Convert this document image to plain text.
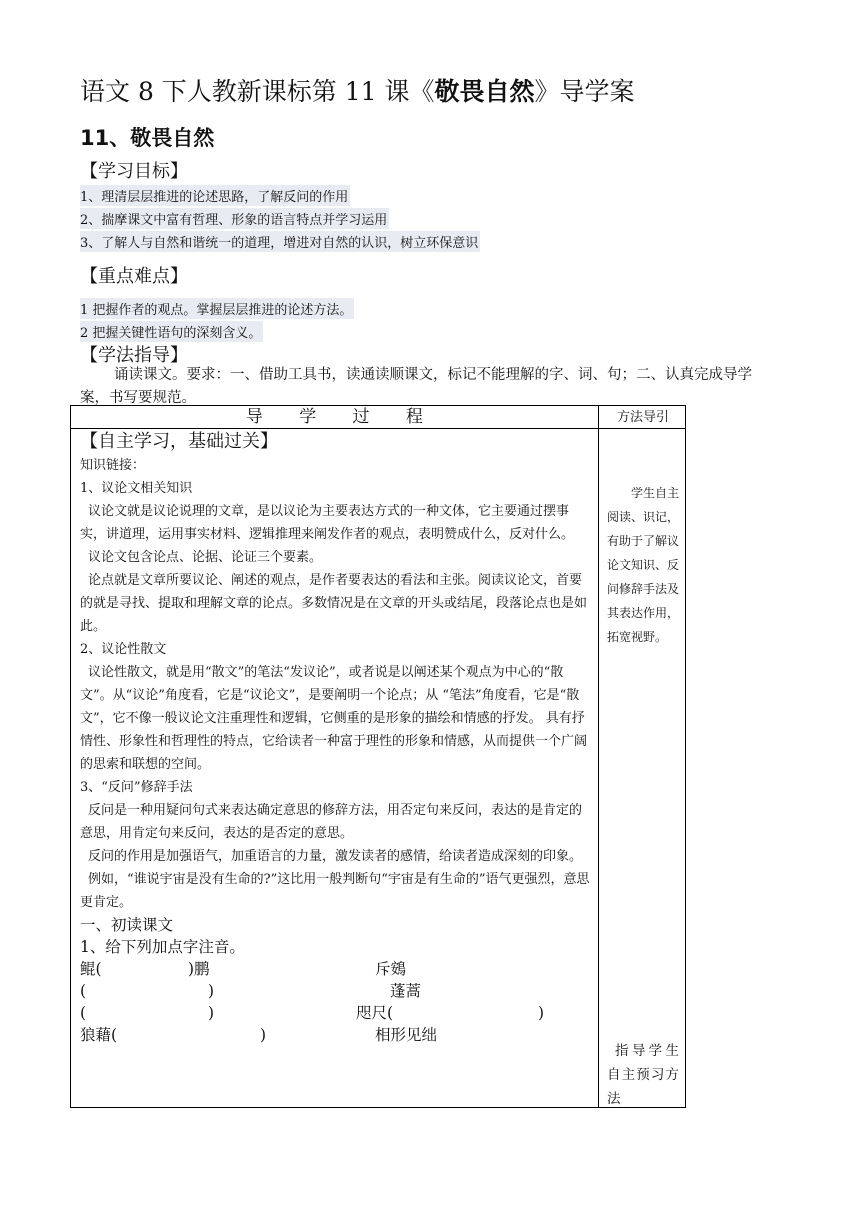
语文 8 下人教新课标第 11 课《敬畏自然》导学案
11、敬畏自然
【学习目标】
1、理清层层推进的论述思路，了解反问的作用
2、揣摩课文中富有哲理、形象的语言特点并学习运用
3、了解人与自然和谐统一的道理，增进对自然的认识，树立环保意识
【重点难点】
1 把握作者的观点。掌握层层推进的论述方法。
2 把握关键性语句的深刻含义。
【学法指导】
诵读课文。要求：一、借助工具书，读通读顺课文，标记不能理解的字、词、句；二、认真完成导学案，书写要规范。
导 学 过 程	方法导引

【自主学习，基础过关】

知识链接：

1、议论文相关知识

议论文就是议论说理的文章，是以议论为主要表达方式的一种文体，它主要通过摆事实，讲道理，运用事实材料、逻辑推理来阐发作者的观点，表明赞成什么，反对什么。

议论文包含论点、论据、论证三个要素。

论点就是文章所要议论、阐述的观点，是作者要表达的看法和主张。阅读议论文，首要的就是寻找、提取和理解文章的论点。多数情况是在文章的开头或结尾，段落论点也是如此。

2、议论性散文

议论性散文，就是用“散文”的笔法“发议论”，或者说是以阐述某个观点为中心的“散文”。从“议论”角度看，它是“议论文”，是要阐明一个论点；从 “笔法”角度看，它是“散文”，它不像一般议论文注重理性和逻辑，它侧重的是形象的描绘和情感的抒发。 具有抒情性、形象性和哲理性的特点，它给读者一种富于理性的形象和情感，从而提供一个广阔的思索和联想的空间。

3、“反问”修辞手法

反问是一种用疑问句式来表达确定意思的修辞方法，用否定句来反问，表达的是肯定的意思，用肯定句来反问，表达的是否定的意思。

反问的作用是加强语气，加重语言的力量，激发读者的感情，给读者造成深刻的印象。

例如，“谁说宇宙是没有生命的?”这比用一般判断句“宇宙是有生命的”语气更强烈，意思更肯定。

一、初读课文

1、给下列加点字注音。

鲲(	)鹏	斥鴳
(	)	蓬蒿
(	)	咫尺(	)
狼藉(	)	相形见绌
学生自主阅读、识记，有助于了解议论文知识、反问修辞手法及其表达作用，拓宽视野。
指导学生自主预习方法
